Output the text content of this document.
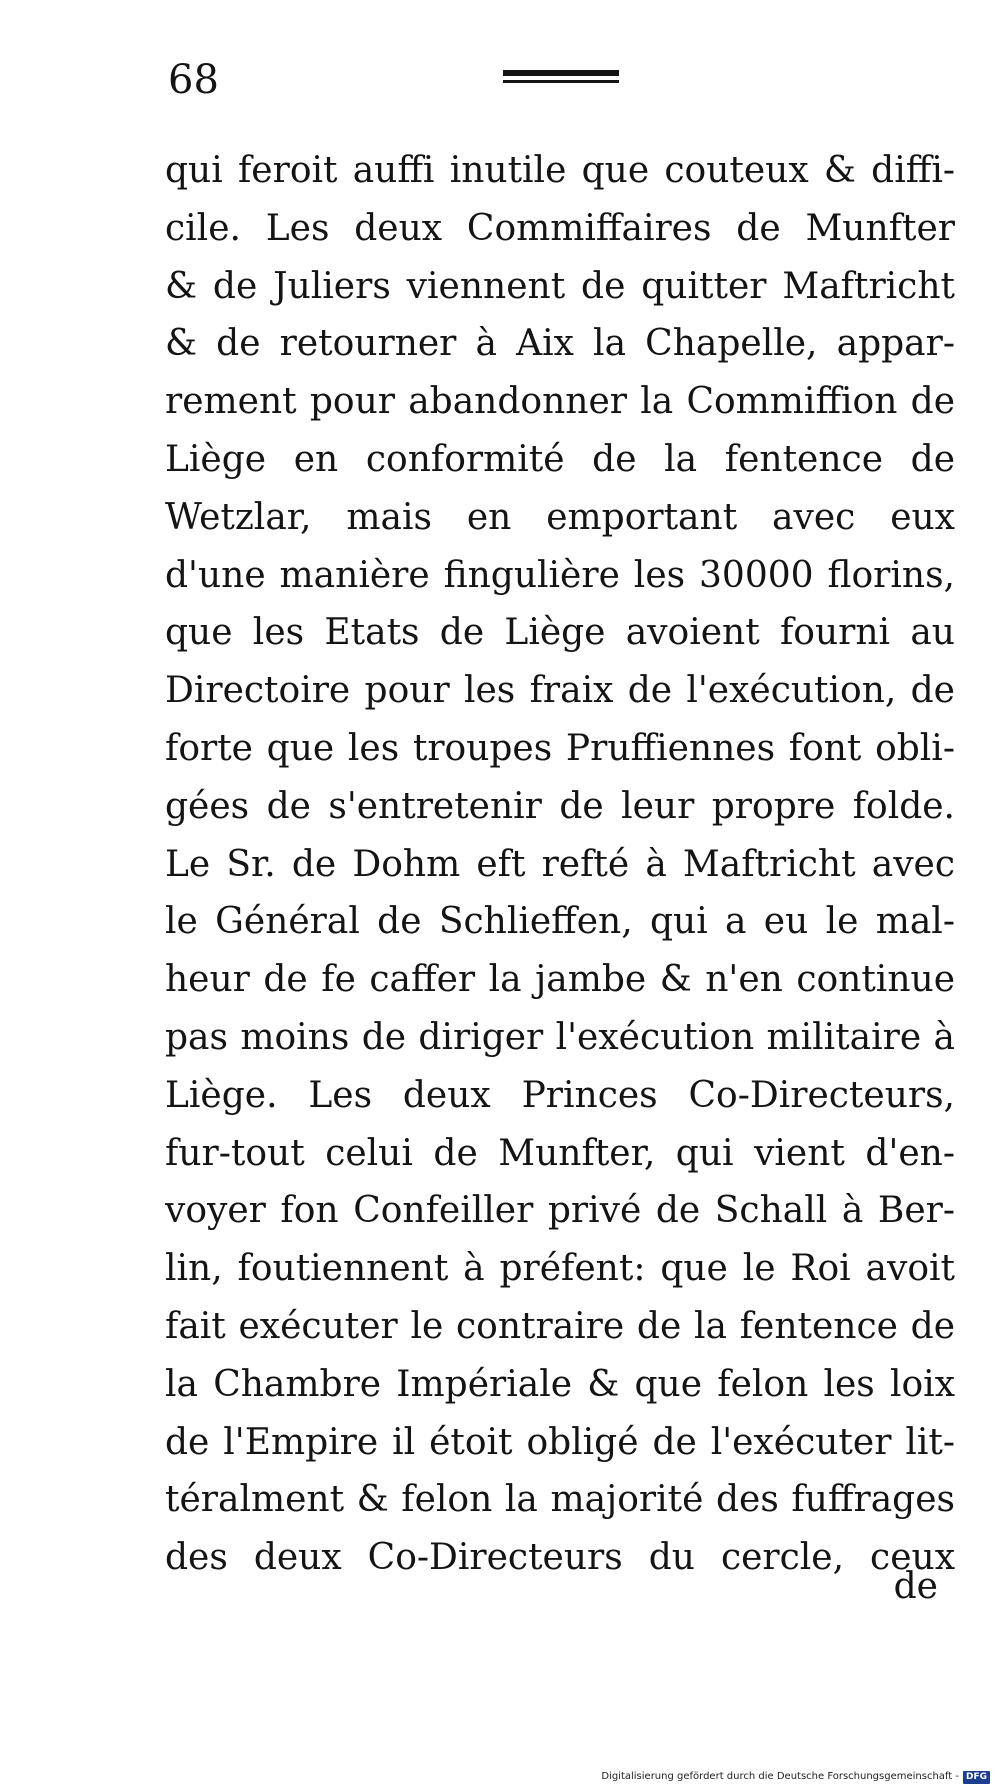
68
qui feroit auffi inutile que couteux & diffi-
cile. Les deux Commiffaires de Munfter
& de Juliers viennent de quitter Maftricht
& de retourner à Aix la Chapelle, appar-
rement pour abandonner la Commiffion de
Liège en conformité de la fentence de
Wetzlar, mais en emportant avec eux
d'une manière fingulière les 30000 florins,
que les Etats de Liège avoient fourni au
Directoire pour les fraix de l'exécution, de
forte que les troupes Pruffiennes font obli-
gées de s'entretenir de leur propre folde.
Le Sr. de Dohm eft refté à Maftricht avec
le Général de Schlieffen, qui a eu le mal-
heur de fe caffer la jambe & n'en continue
pas moins de diriger l'exécution militaire à
Liège. Les deux Princes Co-Directeurs,
fur-tout celui de Munfter, qui vient d'en-
voyer fon Confeiller privé de Schall à Ber-
lin, foutiennent à préfent: que le Roi avoit
fait exécuter le contraire de la fentence de
la Chambre Impériale & que felon les loix
de l'Empire il étoit obligé de l'exécuter lit-
téralment & felon la majorité des fuffrages
des deux Co-Directeurs du cercle, ceux
de
Digitalisierung gefördert durch die Deutsche Forschungsgemeinschaft - DFG
